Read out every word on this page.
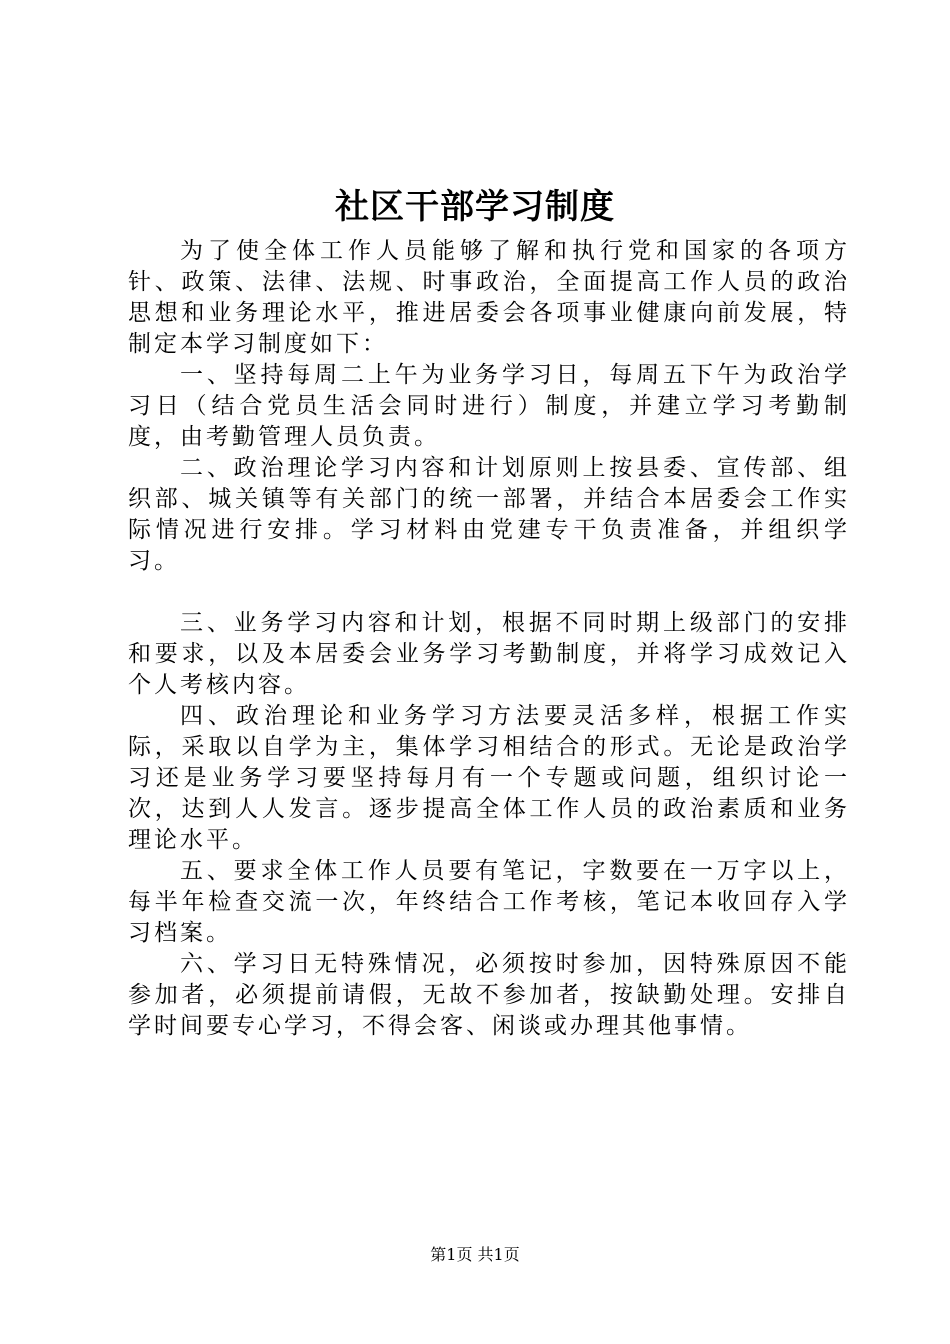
社区干部学习制度

为了使全体工作人员能够了解和执行党和国家的各项方针、政策、法律、法规、时事政治，全面提高工作人员的政治思想和业务理论水平，推进居委会各项事业健康向前发展，特制定本学习制度如下：

一、坚持每周二上午为业务学习日，每周五下午为政治学习日（结合党员生活会同时进行）制度，并建立学习考勤制度，由考勤管理人员负责。

二、政治理论学习内容和计划原则上按县委、宣传部、组织部、城关镇等有关部门的统一部署，并结合本居委会工作实际情况进行安排。学习材料由党建专干负责准备，并组织学习。

三、业务学习内容和计划，根据不同时期上级部门的安排和要求，以及本居委会业务学习考勤制度，并将学习成效记入个人考核内容。

四、政治理论和业务学习方法要灵活多样，根据工作实际，采取以自学为主，集体学习相结合的形式。无论是政治学习还是业务学习要坚持每月有一个专题或问题，组织讨论一次，达到人人发言。逐步提高全体工作人员的政治素质和业务理论水平。

五、要求全体工作人员要有笔记，字数要在一万字以上，每半年检查交流一次，年终结合工作考核，笔记本收回存入学习档案。

六、学习日无特殊情况，必须按时参加，因特殊原因不能参加者，必须提前请假，无故不参加者，按缺勤处理。安排自学时间要专心学习，不得会客、闲谈或办理其他事情。

第1页 共1页
